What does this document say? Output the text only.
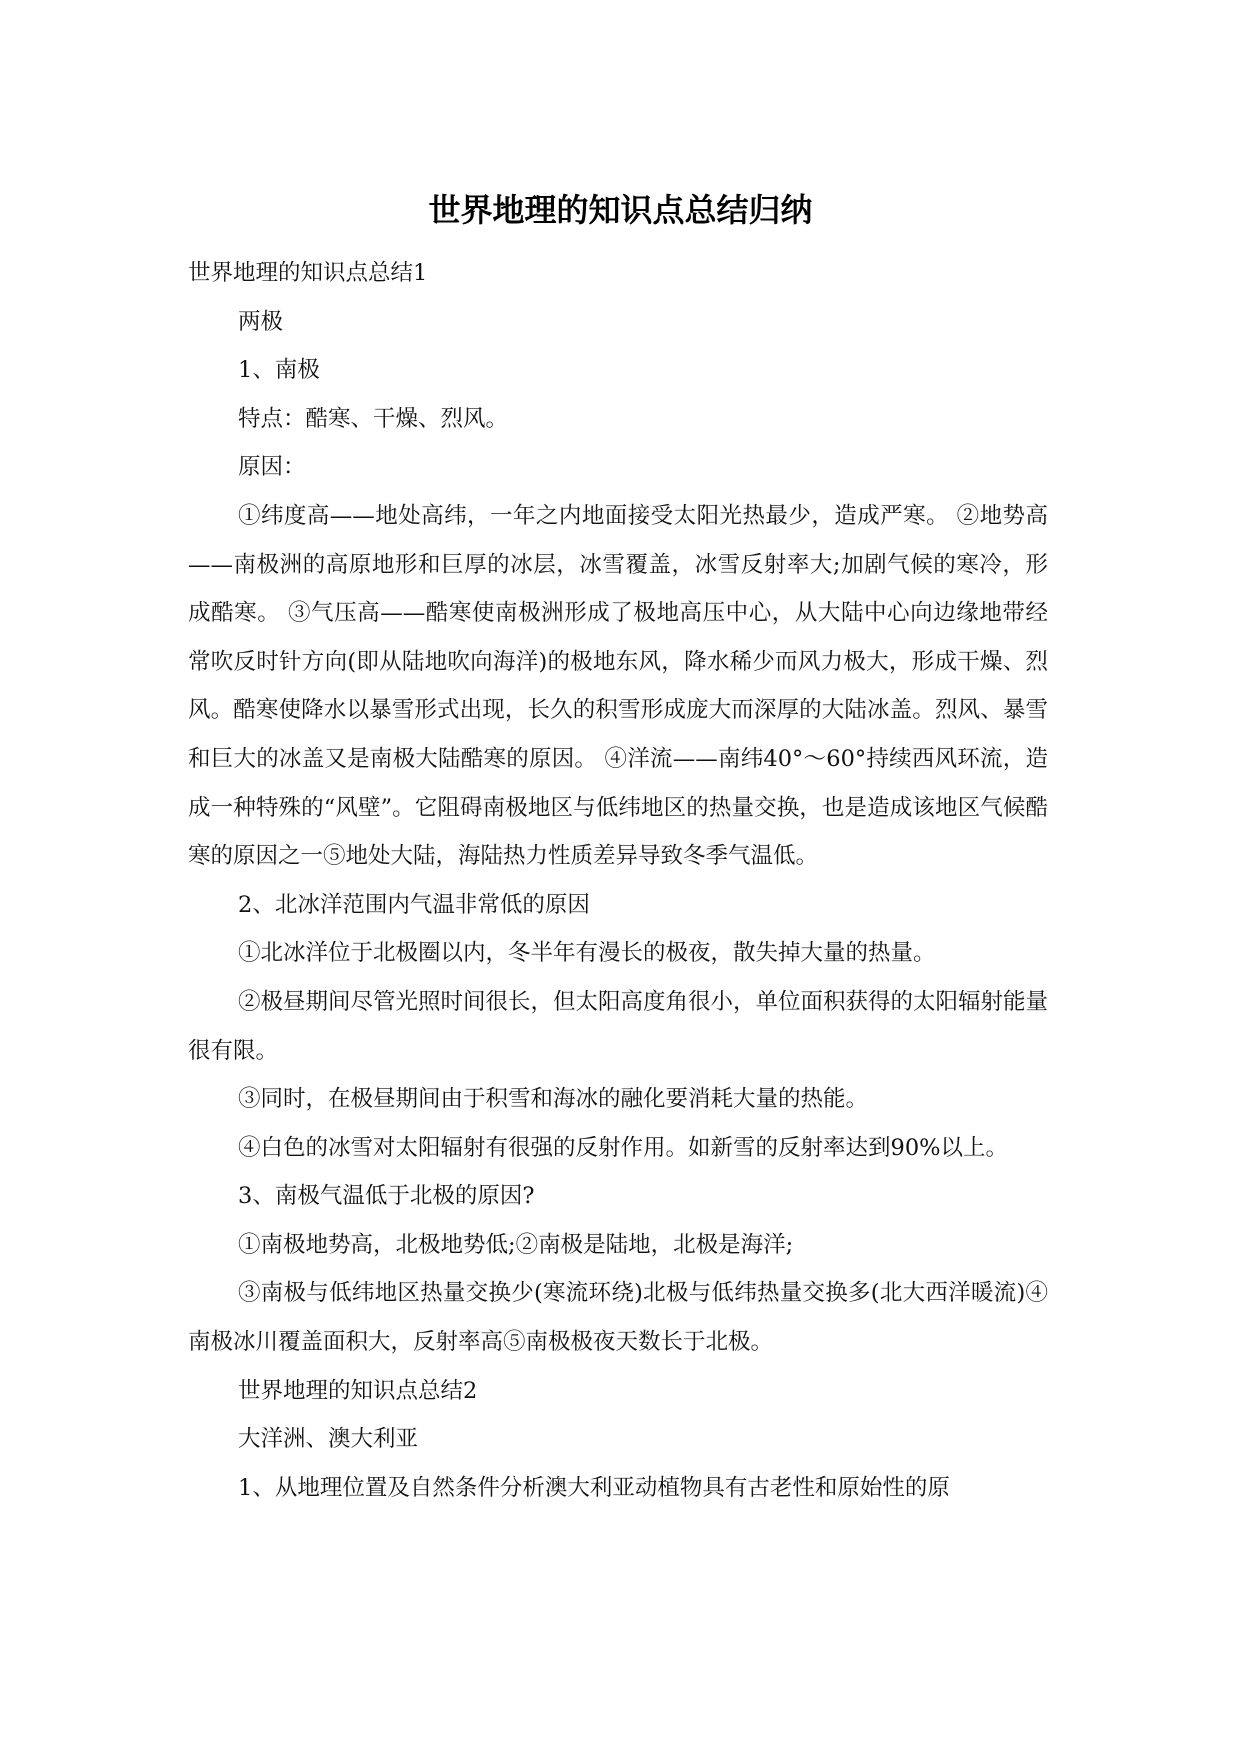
世界地理的知识点总结归纳

世界地理的知识点总结1

两极

1、南极

特点：酷寒、干燥、烈风。

原因：

①纬度高——地处高纬，一年之内地面接受太阳光热最少，造成严寒。 ②地势高——南极洲的高原地形和巨厚的冰层，冰雪覆盖，冰雪反射率大;加剧气候的寒冷，形成酷寒。 ③气压高——酷寒使南极洲形成了极地高压中心，从大陆中心向边缘地带经常吹反时针方向(即从陆地吹向海洋)的极地东风，降水稀少而风力极大，形成干燥、烈风。酷寒使降水以暴雪形式出现，长久的积雪形成庞大而深厚的大陆冰盖。烈风、暴雪和巨大的冰盖又是南极大陆酷寒的原因。 ④洋流——南纬40°～60°持续西风环流，造成一种特殊的“风壁”。它阻碍南极地区与低纬地区的热量交换，也是造成该地区气候酷寒的原因之一⑤地处大陆，海陆热力性质差异导致冬季气温低。

2、北冰洋范围内气温非常低的原因

①北冰洋位于北极圈以内，冬半年有漫长的极夜，散失掉大量的热量。

②极昼期间尽管光照时间很长，但太阳高度角很小，单位面积获得的太阳辐射能量很有限。

③同时，在极昼期间由于积雪和海冰的融化要消耗大量的热能。

④白色的冰雪对太阳辐射有很强的反射作用。如新雪的反射率达到90%以上。

3、南极气温低于北极的原因?

①南极地势高，北极地势低;②南极是陆地，北极是海洋;

③南极与低纬地区热量交换少(寒流环绕)北极与低纬热量交换多(北大西洋暖流)④南极冰川覆盖面积大，反射率高⑤南极极夜天数长于北极。

世界地理的知识点总结2

大洋洲、澳大利亚

1、从地理位置及自然条件分析澳大利亚动植物具有古老性和原始性的原
